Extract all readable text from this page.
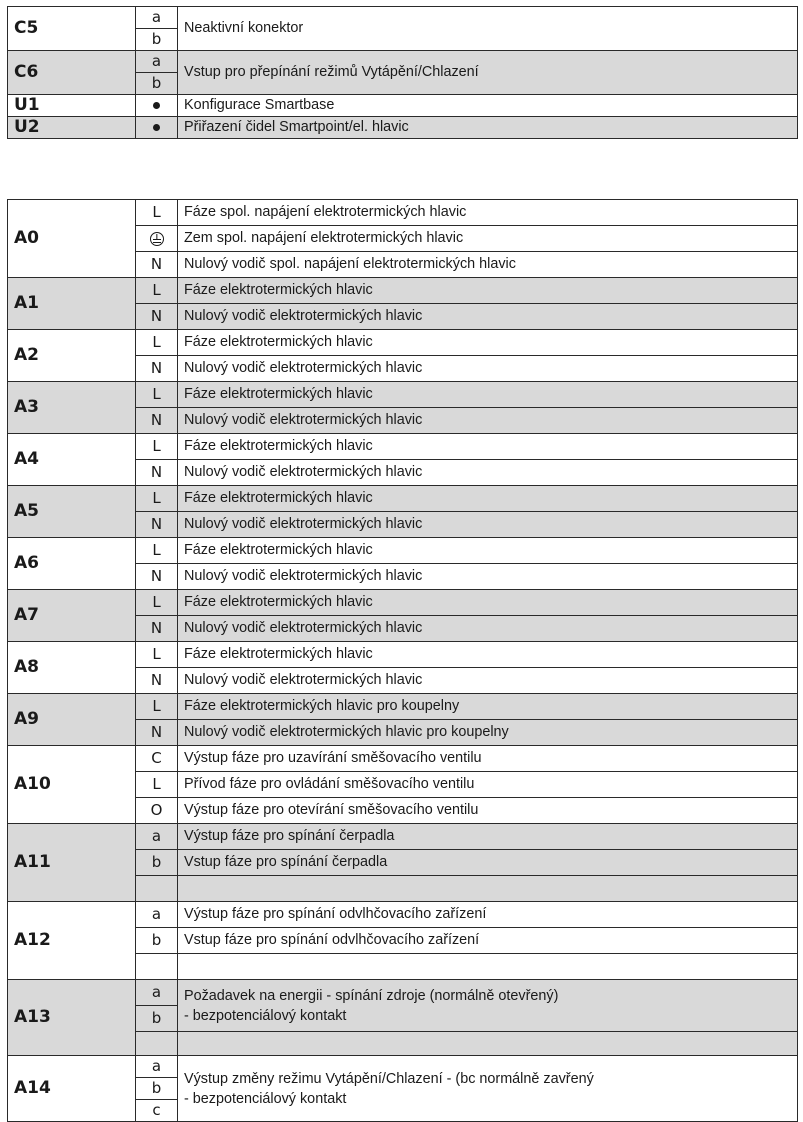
C5	a	Neaktivní konektor
	b	
C6	a	Vstup pro přepínání režimů Vytápění/Chlazení
	b	
U1		Konfigurace Smartbase
U2		Přiřazení čidel Smartpoint/el. hlavic
A0	L	Fáze spol. napájení elektrotermických hlavic
		Zem spol. napájení elektrotermických hlavic
	N	Nulový vodič spol. napájení elektrotermických hlavic
A1	L	Fáze elektrotermických hlavic
	N	Nulový vodič elektrotermických hlavic
A2	L	Fáze elektrotermických hlavic
	N	Nulový vodič elektrotermických hlavic
A3	L	Fáze elektrotermických hlavic
	N	Nulový vodič elektrotermických hlavic
A4	L	Fáze elektrotermických hlavic
	N	Nulový vodič elektrotermických hlavic
A5	L	Fáze elektrotermických hlavic
	N	Nulový vodič elektrotermických hlavic
A6	L	Fáze elektrotermických hlavic
	N	Nulový vodič elektrotermických hlavic
A7	L	Fáze elektrotermických hlavic
	N	Nulový vodič elektrotermických hlavic
A8	L	Fáze elektrotermických hlavic
	N	Nulový vodič elektrotermických hlavic
A9	L	Fáze elektrotermických hlavic pro koupelny
	N	Nulový vodič elektrotermických hlavic pro koupelny
A10	C	Výstup fáze pro uzavírání směšovacího ventilu
	L	Přívod fáze pro ovládání směšovacího ventilu
	O	Výstup fáze pro otevírání směšovacího ventilu
A11	a	Výstup fáze pro spínání čerpadla
	b	Vstup fáze pro spínání čerpadla

A12	a	Výstup fáze pro spínání odvlhčovacího zařízení
	b	Vstup fáze pro spínání odvlhčovacího zařízení

A13	a	Požadavek na energii - spínání zdroje (normálně otevřený)
- bezpotenciálový kontakt

	b	

A14	a	Výstup změny režimu Vytápění/Chlazení - (bc normálně zavřený
- bezpotenciálový kontakt

	b	
	c	
